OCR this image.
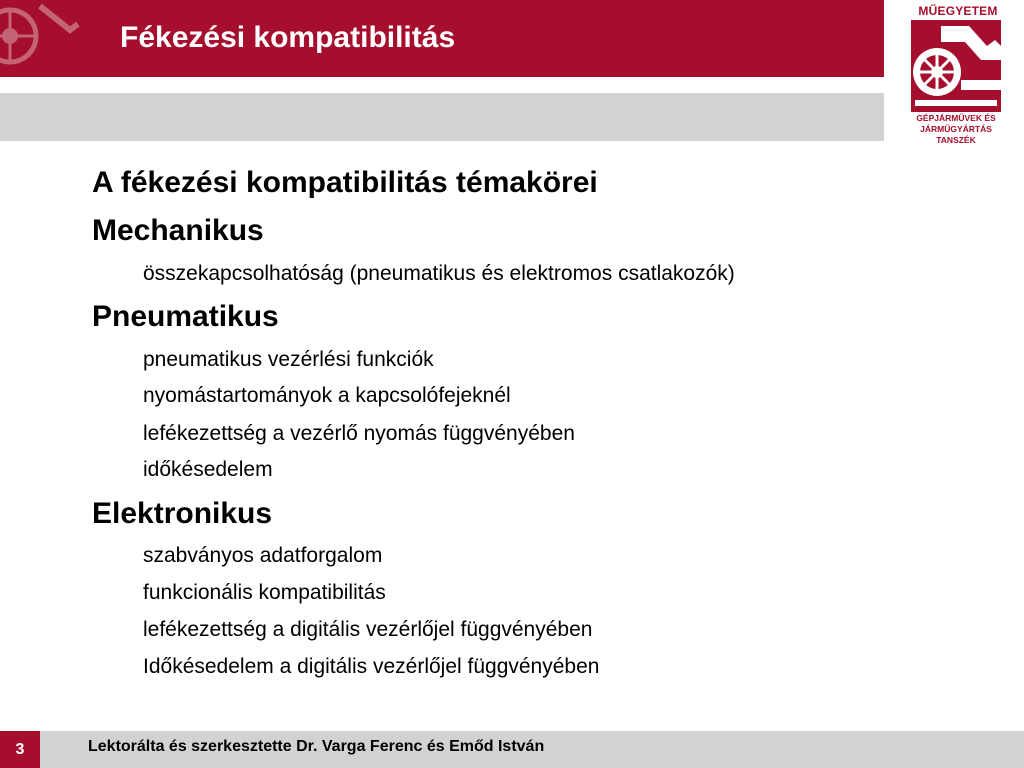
Fékezési kompatibilitás
MŰEGYETEM
GÉPJÁRMŰVEK ÉS
JÁRMŰGYÁRTÁS
TANSZÉK
A fékezési kompatibilitás témakörei
Mechanikus
összekapcsolhatóság (pneumatikus és elektromos csatlakozók)
Pneumatikus
pneumatikus vezérlési funkciók
nyomástartományok a kapcsolófejeknél
lefékezettség a vezérlő nyomás függvényében
időkésedelem
Elektronikus
szabványos adatforgalom
funkcionális kompatibilitás
lefékezettség a digitális vezérlőjel függvényében
Időkésedelem a digitális vezérlőjel függvényében
3	Lektorálta és szerkesztette Dr. Varga Ferenc és Emőd István
